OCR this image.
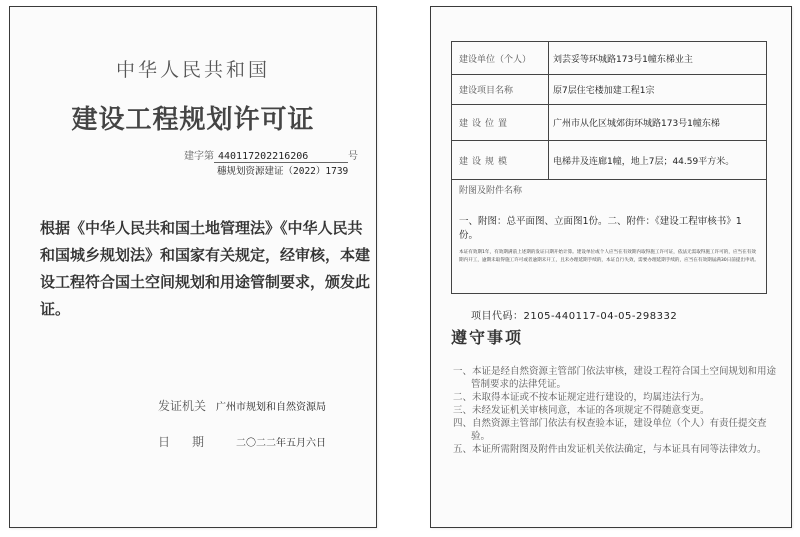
中华人民共和国
建设工程规划许可证
建字第 440117202216206	号
穗规划资源建证（2022）1739
根据《中华人民共和国土地管理法》《中华人民共和国城乡规划法》和国家有关规定，经审核，本建设工程符合国土空间规划和用途管制要求，颁发此证。
发证机关 广州市规划和自然资源局
日期 二〇二二年五月六日
建设单位（个人）	刘芸妥等环城路173号1幢东梯业主
建设项目名称	原7层住宅楼加建工程1宗
建设位置	广州市从化区城郊街环城路173号1幢东梯
建设规模	电梯井及连廊1幢，地上7层；44.59平方米。
附图及附件名称
一、附图：总平面图、立面图1份。二、附件：《建设工程审核书》1份。
本证有效期1年，有效期满前上述期的发证日期开始计算。建设单位或个人应当在有效期内取得施工许可证，依法无需取得施工许可的，应当在有效期内开工，逾期未取得施工许可或者逾期未开工，且未办理延期手续的，本证自行失效，需要办理延期手续的，应当在有效期届满30日前提出申请。
项目代码：2105-440117-04-05-298332
遵守事项
一、本证是经自然资源主管部门依法审核，建设工程符合国土空间规划和用途管制要求的法律凭证。
二、未取得本证或不按本证规定进行建设的，均属违法行为。
三、未经发证机关审核同意，本证的各项规定不得随意变更。
四、自然资源主管部门依法有权查验本证，建设单位（个人）有责任提交查验。
五、本证所需附图及附件由发证机关依法确定，与本证具有同等法律效力。
